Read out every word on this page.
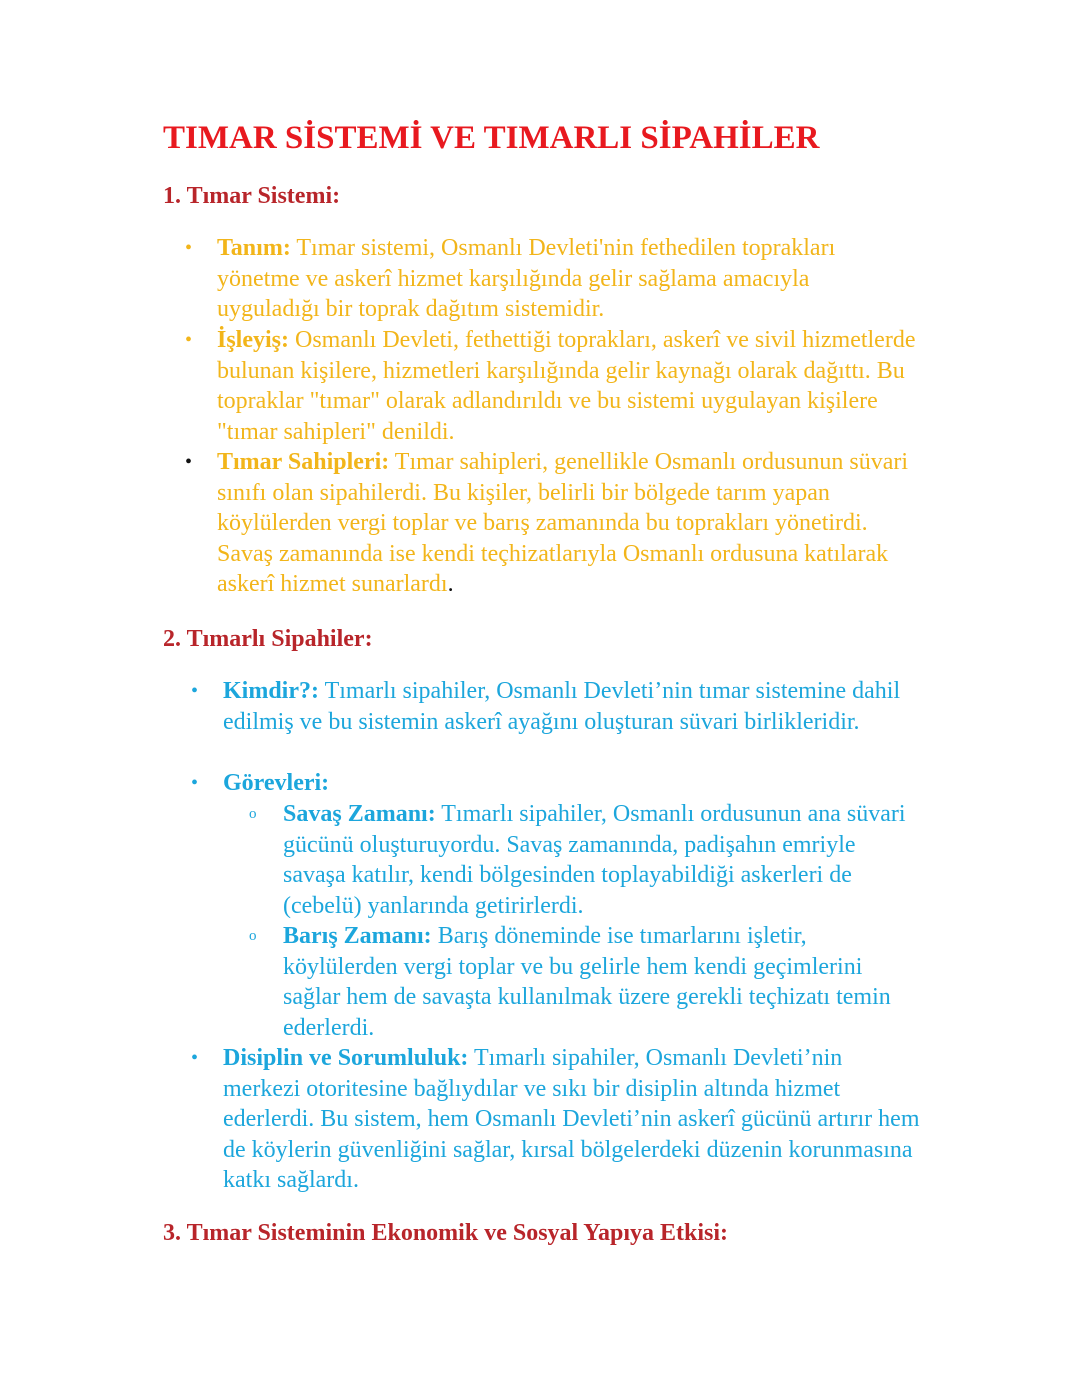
TIMAR SİSTEMİ VE TIMARLI SİPAHİLER
1. Tımar Sistemi:
• Tanım: Tımar sistemi, Osmanlı Devleti'nin fethedilen toprakları yönetme ve askerî hizmet karşılığında gelir sağlama amacıyla uyguladığı bir toprak dağıtım sistemidir.
• İşleyiş: Osmanlı Devleti, fethettiği toprakları, askerî ve sivil hizmetlerde bulunan kişilere, hizmetleri karşılığında gelir kaynağı olarak dağıttı. Bu topraklar "tımar" olarak adlandırıldı ve bu sistemi uygulayan kişilere "tımar sahipleri" denildi.
• Tımar Sahipleri: Tımar sahipleri, genellikle Osmanlı ordusunun süvari sınıfı olan sipahilerdi. Bu kişiler, belirli bir bölgede tarım yapan köylülerden vergi toplar ve barış zamanında bu toprakları yönetirdi. Savaş zamanında ise kendi teçhizatlarıyla Osmanlı ordusuna katılarak askerî hizmet sunarlardı.
2. Tımarlı Sipahiler:
• Kimdir?: Tımarlı sipahiler, Osmanlı Devleti’nin tımar sistemine dahil edilmiş ve bu sistemin askerî ayağını oluşturan süvari birlikleridir.
• Görevleri:
o Savaş Zamanı: Tımarlı sipahiler, Osmanlı ordusunun ana süvari gücünü oluşturuyordu. Savaş zamanında, padişahın emriyle savaşa katılır, kendi bölgesinden toplayabildiği askerleri de (cebelü) yanlarında getirirlerdi.
o Barış Zamanı: Barış döneminde ise tımarlarını işletir, köylülerden vergi toplar ve bu gelirle hem kendi geçimlerini sağlar hem de savaşta kullanılmak üzere gerekli teçhizatı temin ederlerdi.
• Disiplin ve Sorumluluk: Tımarlı sipahiler, Osmanlı Devleti’nin merkezi otoritesine bağlıydılar ve sıkı bir disiplin altında hizmet ederlerdi. Bu sistem, hem Osmanlı Devleti’nin askerî gücünü artırır hem de köylerin güvenliğini sağlar, kırsal bölgelerdeki düzenin korunmasına katkı sağlardı.
3. Tımar Sisteminin Ekonomik ve Sosyal Yapıya Etkisi:
